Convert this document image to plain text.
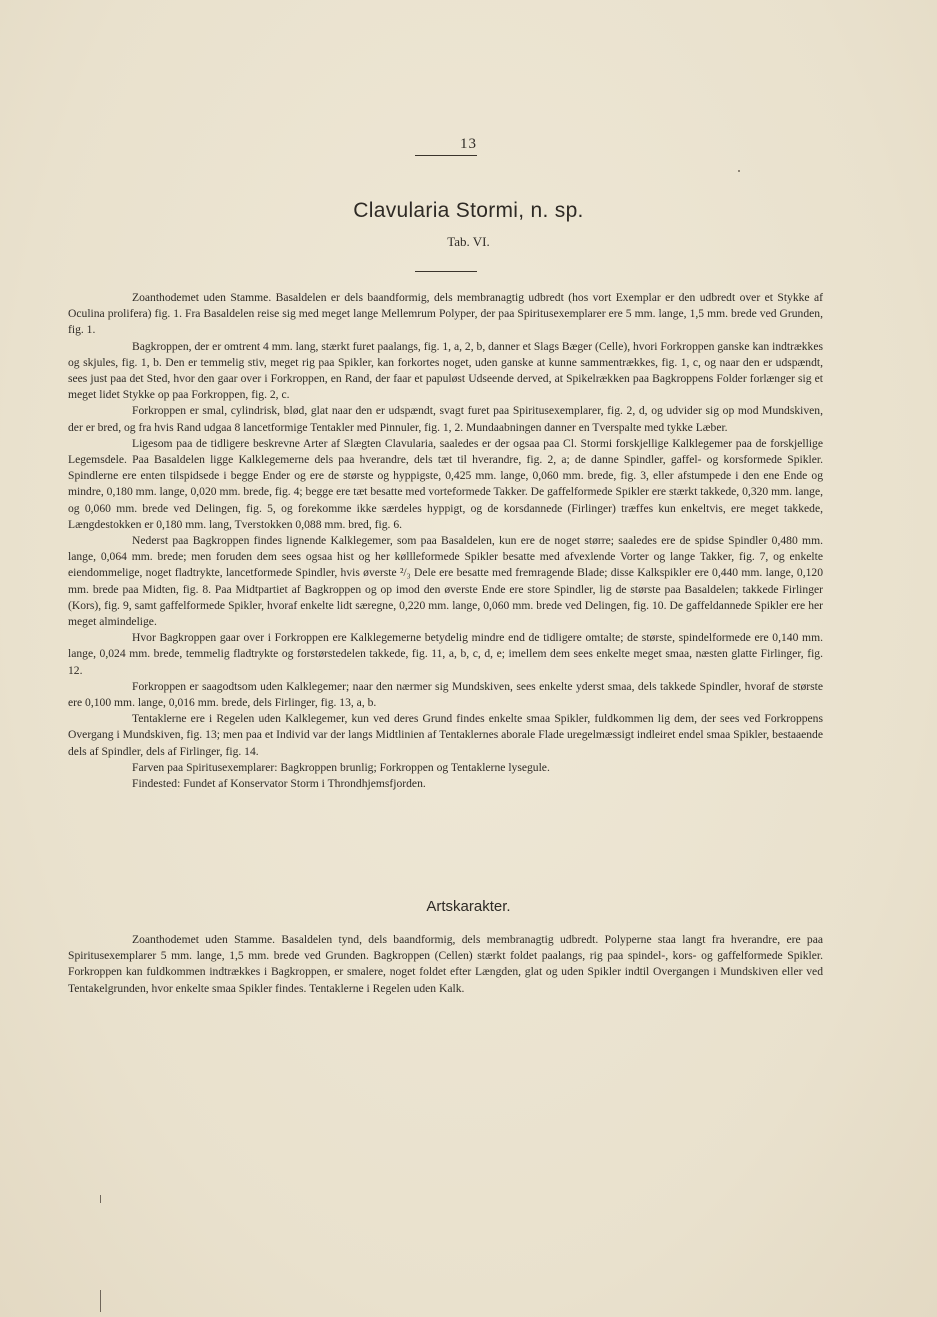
13
Clavularia Stormi, n. sp.
Tab. VI.

Zoanthodemet uden Stamme. Basaldelen er dels baandformig, dels membranagtig udbredt (hos vort Exemplar er den udbredt over et Stykke af Oculina prolifera) fig. 1. Fra Basaldelen reise sig med meget lange Mellemrum Polyper, der paa Spiritusexemplarer ere 5 mm. lange, 1,5 mm. brede ved Grunden, fig. 1.

Bagkroppen, der er omtrent 4 mm. lang, stærkt furet paalangs, fig. 1, a, 2, b, danner et Slags Bæger (Celle), hvori Forkroppen ganske kan indtrækkes og skjules, fig. 1, b. Den er temmelig stiv, meget rig paa Spikler, kan forkortes noget, uden ganske at kunne sammentrækkes, fig. 1, c, og naar den er udspændt, sees just paa det Sted, hvor den gaar over i Forkroppen, en Rand, der faar et papuløst Udseende derved, at Spikelrækken paa Bagkroppens Folder forlænger sig et meget lidet Stykke op paa Forkroppen, fig. 2, c.

Forkroppen er smal, cylindrisk, blød, glat naar den er udspændt, svagt furet paa Spiritusexemplarer, fig. 2, d, og udvider sig op mod Mundskiven, der er bred, og fra hvis Rand udgaa 8 lancetformige Tentakler med Pinnuler, fig. 1, 2. Mundaabningen danner en Tverspalte med tykke Læber.

Ligesom paa de tidligere beskrevne Arter af Slægten Clavularia, saaledes er der ogsaa paa Cl. Stormi forskjellige Kalklegemer paa de forskjellige Legemsdele. Paa Basaldelen ligge Kalklegemerne dels paa hverandre, dels tæt til hverandre, fig. 2, a; de danne Spindler, gaffel- og korsformede Spikler. Spindlerne ere enten tilspidsede i begge Ender og ere de største og hyppigste, 0,425 mm. lange, 0,060 mm. brede, fig. 3, eller afstumpede i den ene Ende og mindre, 0,180 mm. lange, 0,020 mm. brede, fig. 4; begge ere tæt besatte med vorteformede Takker. De gaffelformede Spikler ere stærkt takkede, 0,320 mm. lange, og 0,060 mm. brede ved Delingen, fig. 5, og forekomme ikke særdeles hyppigt, og de korsdannede (Firlinger) træffes kun enkeltvis, ere meget takkede, Længdestokken er 0,180 mm. lang, Tverstokken 0,088 mm. bred, fig. 6.

Nederst paa Bagkroppen findes lignende Kalklegemer, som paa Basaldelen, kun ere de noget større; saaledes ere de spidse Spindler 0,480 mm. lange, 0,064 mm. brede; men foruden dem sees ogsaa hist og her køllleformede Spikler besatte med afvexlende Vorter og lange Takker, fig. 7, og enkelte eiendommelige, noget fladtrykte, lancetformede Spindler, hvis øverste ²/₃ Dele ere besatte med fremragende Blade; disse Kalkspikler ere 0,440 mm. lange, 0,120 mm. brede paa Midten, fig. 8. Paa Midtpartiet af Bagkroppen og op imod den øverste Ende ere store Spindler, lig de største paa Basaldelen; takkede Firlinger (Kors), fig. 9, samt gaffelformede Spikler, hvoraf enkelte lidt særegne, 0,220 mm. lange, 0,060 mm. brede ved Delingen, fig. 10. De gaffeldannede Spikler ere her meget almindelige.

Hvor Bagkroppen gaar over i Forkroppen ere Kalklegemerne betydelig mindre end de tidligere omtalte; de største, spindelformede ere 0,140 mm. lange, 0,024 mm. brede, temmelig fladtrykte og forstørstedelen takkede, fig. 11, a, b, c, d, e; imellem dem sees enkelte meget smaa, næsten glatte Firlinger, fig. 12.

Forkroppen er saagodtsom uden Kalklegemer; naar den nærmer sig Mundskiven, sees enkelte yderst smaa, dels takkede Spindler, hvoraf de største ere 0,100 mm. lange, 0,016 mm. brede, dels Firlinger, fig. 13, a, b.

Tentaklerne ere i Regelen uden Kalklegemer, kun ved deres Grund findes enkelte smaa Spikler, fuldkommen lig dem, der sees ved Forkroppens Overgang i Mundskiven, fig. 13; men paa et Individ var der langs Midtlinien af Tentaklernes aborale Flade uregelmæssigt indleiret endel smaa Spikler, bestaaende dels af Spindler, dels af Firlinger, fig. 14.

Farven paa Spiritusexemplarer: Bagkroppen brunlig; Forkroppen og Tentaklerne lysegule.

Findested: Fundet af Konservator Storm i Throndhjemsfjorden.

Artskarakter.

Zoanthodemet uden Stamme. Basaldelen tynd, dels baandformig, dels membranagtig udbredt. Polyperne staa langt fra hverandre, ere paa Spiritusexemplarer 5 mm. lange, 1,5 mm. brede ved Grunden. Bagkroppen (Cellen) stærkt foldet paalangs, rig paa spindel-, kors- og gaffelformede Spikler. Forkroppen kan fuldkommen indtrækkes i Bagkroppen, er smalere, noget foldet efter Længden, glat og uden Spikler indtil Overgangen i Mundskiven eller ved Tentakelgrunden, hvor enkelte smaa Spikler findes. Tentaklerne i Regelen uden Kalk.
